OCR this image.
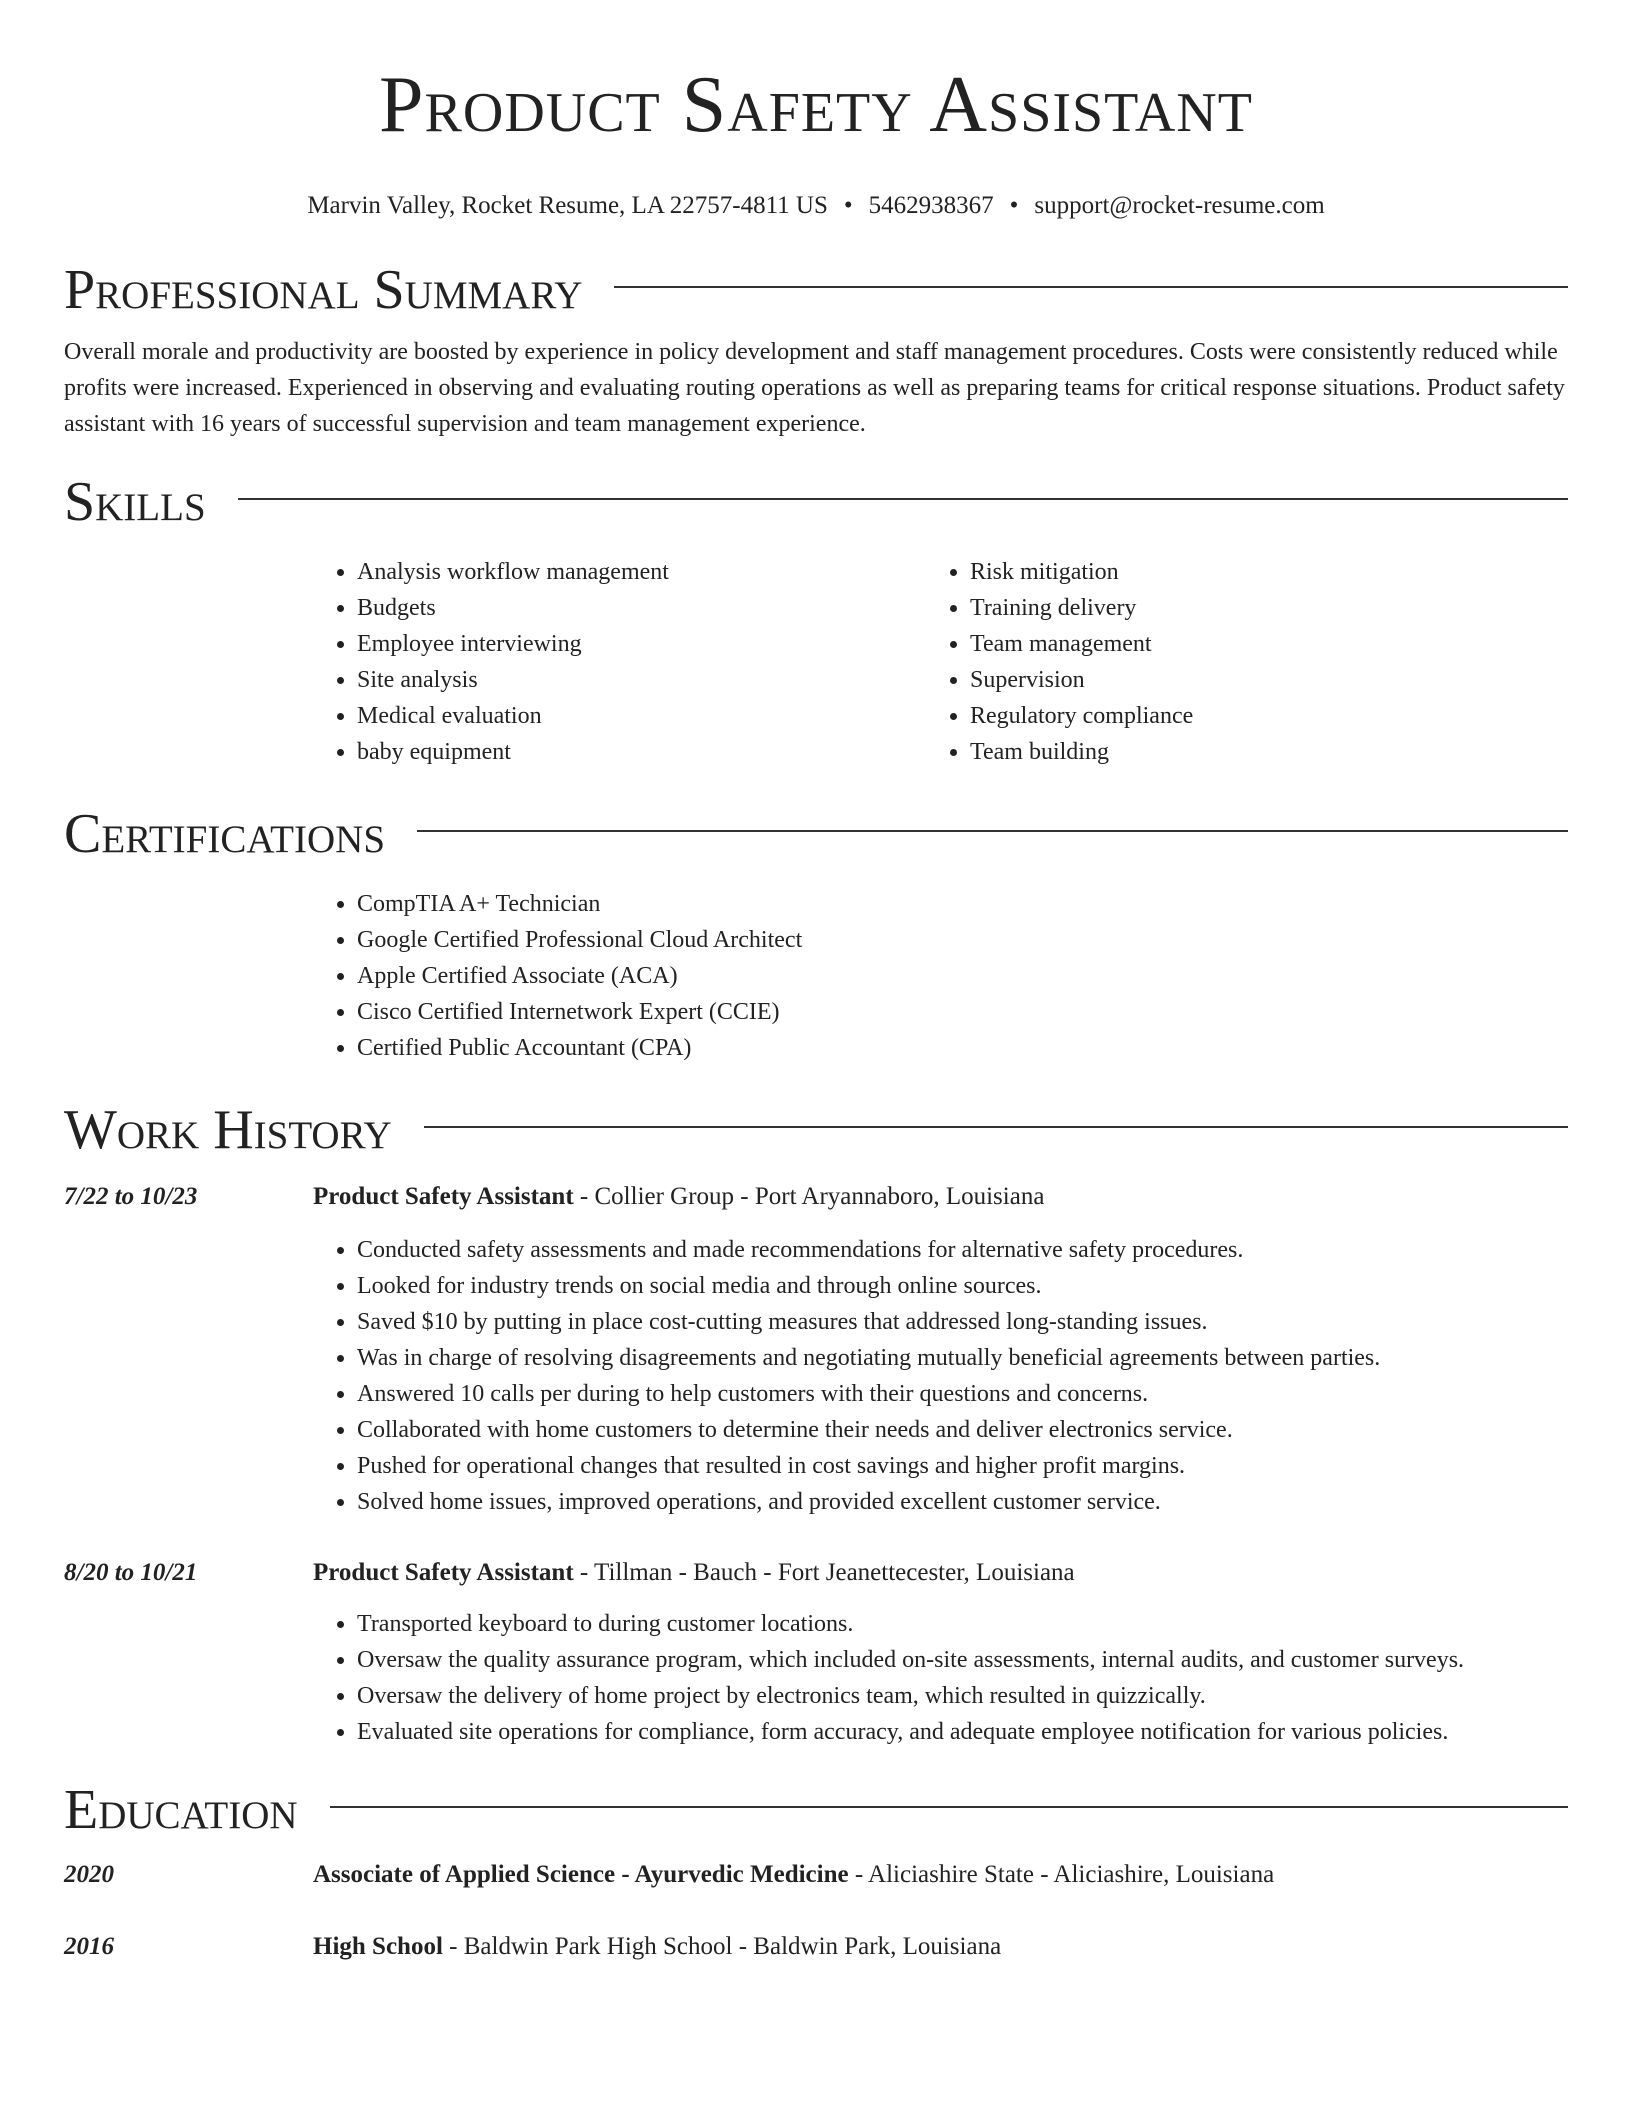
Product Safety Assistant
Marvin Valley, Rocket Resume, LA 22757-4811 US • 5462938367 • support@rocket-resume.com
Professional Summary

Overall morale and productivity are boosted by experience in policy development and staff management procedures. Costs were consistently reduced while profits were increased. Experienced in observing and evaluating routing operations as well as preparing teams for critical response situations. Product safety assistant with 16 years of successful supervision and team management experience.

Skills
• Analysis workflow management
• Budgets
• Employee interviewing
• Site analysis
• Medical evaluation
• baby equipment
• Risk mitigation
• Training delivery
• Team management
• Supervision
• Regulatory compliance
• Team building
Certifications
• CompTIA A+ Technician
• Google Certified Professional Cloud Architect
• Apple Certified Associate (ACA)
• Cisco Certified Internetwork Expert (CCIE)
• Certified Public Accountant (CPA)
Work History
7/22 to 10/23	Product Safety Assistant - Collier Group - Port Aryannaboro, Louisiana
• Conducted safety assessments and made recommendations for alternative safety procedures.
• Looked for industry trends on social media and through online sources.
• Saved $10 by putting in place cost-cutting measures that addressed long-standing issues.
• Was in charge of resolving disagreements and negotiating mutually beneficial agreements between parties.
• Answered 10 calls per during to help customers with their questions and concerns.
• Collaborated with home customers to determine their needs and deliver electronics service.
• Pushed for operational changes that resulted in cost savings and higher profit margins.
• Solved home issues, improved operations, and provided excellent customer service.
8/20 to 10/21	Product Safety Assistant - Tillman - Bauch - Fort Jeanettecester, Louisiana
• Transported keyboard to during customer locations.
• Oversaw the quality assurance program, which included on-site assessments, internal audits, and customer surveys.
• Oversaw the delivery of home project by electronics team, which resulted in quizzically.
• Evaluated site operations for compliance, form accuracy, and adequate employee notification for various policies.
Education
2020	Associate of Applied Science - Ayurvedic Medicine - Aliciashire State - Aliciashire, Louisiana
2016	High School - Baldwin Park High School - Baldwin Park, Louisiana
